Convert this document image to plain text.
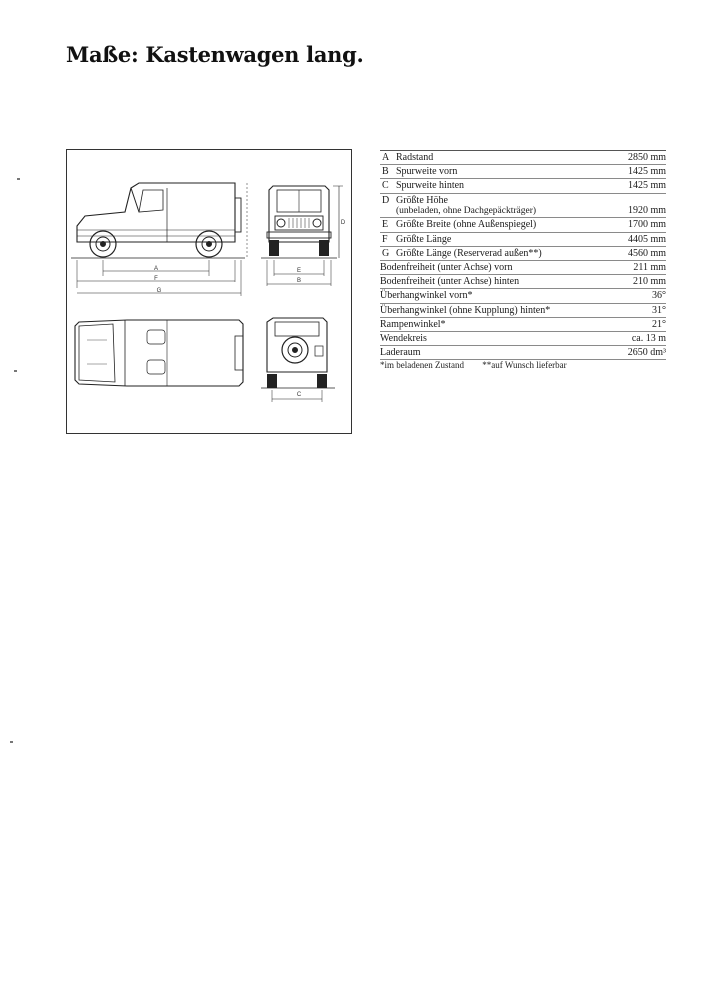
Maße: Kastenwagen lang.
A
F
G
D
E
B
C
A	Radstand	2850 mm
B	Spurweite vorn	1425 mm
C	Spurweite hinten	1425 mm
D	Größte Höhe
(unbeladen, ohne Dachgepäckträger)	1920 mm
E	Größte Breite (ohne Außenspiegel)	1700 mm
F	Größte Länge	4405 mm
G	Größte Länge (Reserverad außen**)	4560 mm
Bodenfreiheit (unter Achse) vorn		211 mm
Bodenfreiheit (unter Achse) hinten		210 mm
Überhangwinkel vorn*		36°
Überhangwinkel (ohne Kupplung) hinten*		31°
Rampenwinkel*		21°
Wendekreis		ca. 13 m
Laderaum		2650 dm³
*im beladenen Zustand **auf Wunsch lieferbar
